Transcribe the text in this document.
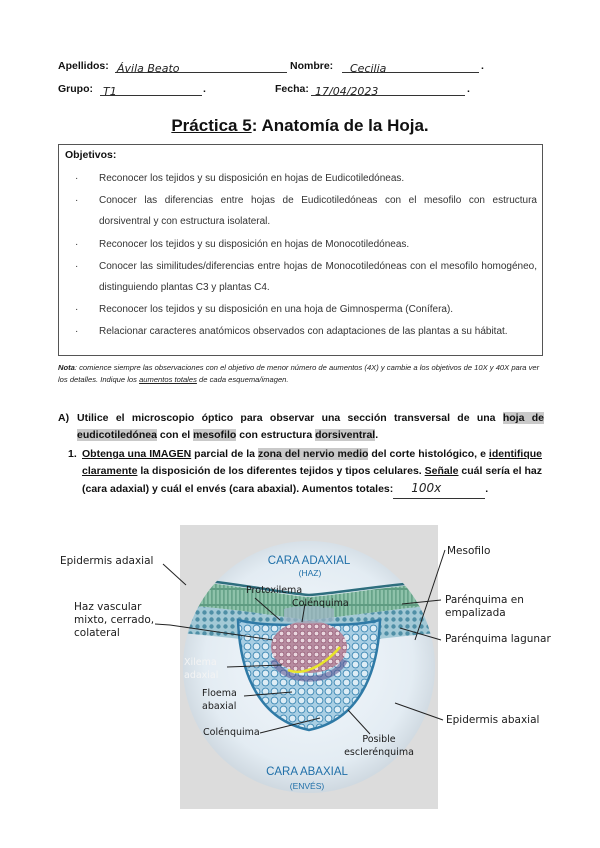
Apellidos: Ávila Beato	Nombre:	Cecilia	.
Grupo: T1	.	Fecha: 17/04/2023	.
Práctica 5: Anatomía de la Hoja.
Objetivos:
· Reconocer los tejidos y su disposición en hojas de Eudicotiledóneas.
· Conocer las diferencias entre hojas de Eudicotiledóneas con el mesofilo con estructura dorsiventral y con estructura isolateral.
· Reconocer los tejidos y su disposición en hojas de Monocotiledóneas.
· Conocer las similitudes/diferencias entre hojas de Monocotiledóneas con el mesofilo homogéneo, distinguiendo plantas C3 y plantas C4.
· Reconocer los tejidos y su disposición en una hoja de Gimnosperma (Conífera).
· Relacionar caracteres anatómicos observados con adaptaciones de las plantas a su hábitat.
Nota: comience siempre las observaciones con el objetivo de menor número de aumentos (4X) y cambie a los objetivos de 10X y 40X para ver los detalles. Indique los aumentos totales de cada esquema/imagen.
A) Utilice el microscopio óptico para observar una sección transversal de una hoja de eudicotiledónea con el mesofilo con estructura dorsiventral.
1. Obtenga una IMAGEN parcial de la zona del nervio medio del corte histológico, e identifique claramente la disposición de los diferentes tejidos y tipos celulares. Señale cuál sería el haz (cara adaxial) y cuál el envés (cara abaxial). Aumentos totales: 100x	.
CARA ADAXIAL
(HAZ)
CARA ABAXIAL
(ENVÉS)
Epidermis adaxial
Haz vascular mixto, cerrado, colateral
Protoxilema
Colénquima
Xilema adaxial
Floema abaxial
Colénquima
Posible esclerénquima
Mesofilo
Parénquima en empalizada
Parénquima lagunar
Epidermis abaxial
